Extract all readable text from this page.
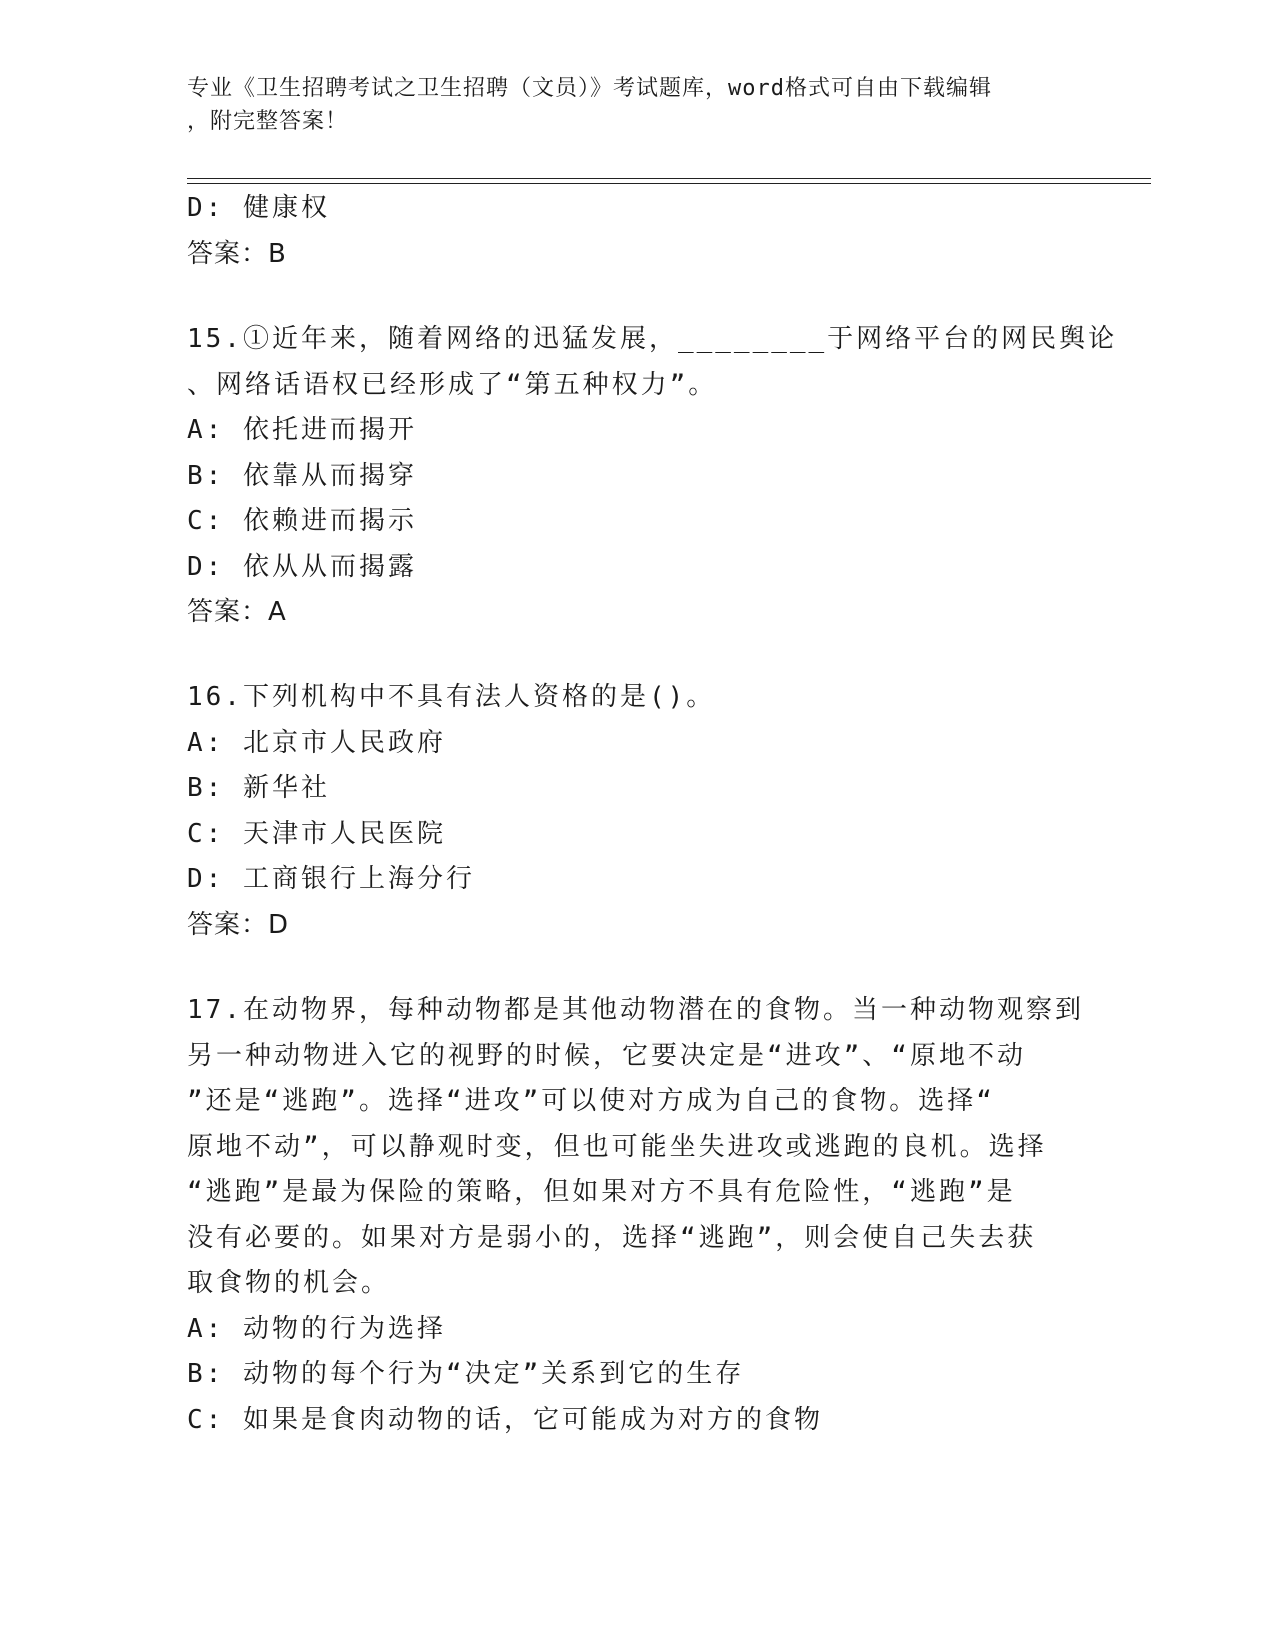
专业《卫生招聘考试之卫生招聘（文员）》考试题库，word格式可自由下载编辑
，附完整答案！
D: 健康权
答案：B
15.①近年来，随着网络的迅猛发展，________于网络平台的网民舆论
、网络话语权已经形成了“第五种权力”。
A: 依托进而揭开
B: 依靠从而揭穿
C: 依赖进而揭示
D: 依从从而揭露
答案：A
16.下列机构中不具有法人资格的是()。
A: 北京市人民政府
B: 新华社
C: 天津市人民医院
D: 工商银行上海分行
答案：D
17.在动物界，每种动物都是其他动物潜在的食物。当一种动物观察到
另一种动物进入它的视野的时候，它要决定是“进攻”、“原地不动
”还是“逃跑”。选择“进攻”可以使对方成为自己的食物。选择“
原地不动”，可以静观时变，但也可能坐失进攻或逃跑的良机。选择
“逃跑”是最为保险的策略，但如果对方不具有危险性，“逃跑”是
没有必要的。如果对方是弱小的，选择“逃跑”，则会使自己失去获
取食物的机会。
A: 动物的行为选择
B: 动物的每个行为“决定”关系到它的生存
C: 如果是食肉动物的话，它可能成为对方的食物
